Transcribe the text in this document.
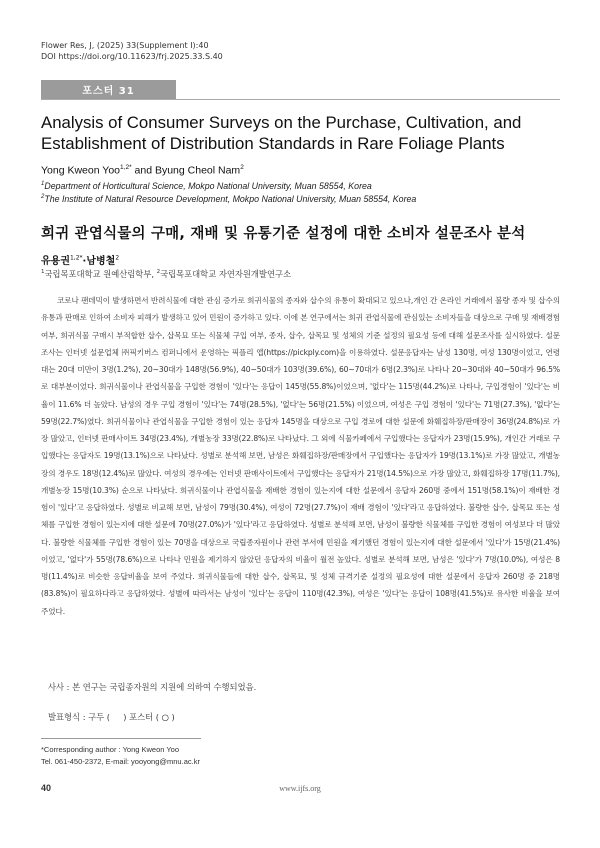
Flower Res, J, (2025) 33(Supplement I):40
DOI https://doi.org/10.11623/frj.2025.33.S.40
포스터 31
Analysis of Consumer Surveys on the Purchase, Cultivation, and Establishment of Distribution Standards in Rare Foliage Plants
Yong Kweon Yoo$^{1,2*}$ and Byung Cheol Nam$^2$
$^1$Department of Horticultural Science, Mokpo National University, Muan 58554, Korea
$^2$The Institute of Natural Resource Development, Mokpo National University, Muan 58554, Korea
희귀 관엽식물의 구매, 재배 및 유통기준 설정에 대한 소비자 설문조사 분석
유용권$^{1,2*}$·남병철$^2$
$^1$국립목포대학교 원예산림학부, $^2$국립목포대학교 자연자원개발연구소

코로나 팬데믹이 발생하면서 반려식물에 대한 관심 증가로 희귀식물의 종자와 삽수의 유통이 확대되고 있으나,개인 간 온라인 거래에서 불량 종자 및 삽수의 유통과 판매로 인하여 소비자 피해가 발생하고 있어 민원이 증가하고 있다. 이에 본 연구에서는 희귀 관엽식물에 관심있는 소비자들을 대상으로 구매 및 재배경험 여부, 희귀식물 구매시 부적합한 삽수, 삽목묘 또는 식물체 구입 여부, 종자, 삽수, 삽목묘 및 성체의 기준 설정의 필요성 등에 대해 설문조사를 실시하였다. 설문조사는 인터넷 설문업체 ㈜픽키버스 컴퍼니에서 운영하는 픽플리 앱(https://pickply.com)을 이용하였다. 설문응답자는 남성 130명, 여성 130명이었고, 연령대는 20대 미만이 3명(1.2%), 20~30대가 148명(56.9%), 40~50대가 103명(39.6%), 60~70대가 6명(2.3%)로 나타나 20~30대와 40~50대가 96.5%로 대부분이었다. 희귀식물이나 관엽식물을 구입한 경험이 '있다'는 응답이 145명(55.8%)이었으며, '없다'는 115명(44.2%)로 나타나, 구입경험이 '있다'는 비율이 11.6% 더 높았다. 남성의 경우 구입 경험이 '있다'는 74명(28.5%), '없다'는 56명(21.5%) 이었으며, 여성은 구입 경험이 '있다'는 71명(27.3%), '없다'는 59명(22.7%)였다. 희귀식물이나 관엽식물을 구입한 경험이 있는 응답자 145명을 대상으로 구입 경로에 대한 설문에 화훼집하장/판매장이 36명(24.8%)로 가장 많았고, 인터넷 판매사이트 34명(23.4%), 개별농장 33명(22.8%)로 나타났다. 그 외에 식물카페에서 구입했다는 응답자가 23명(15.9%), 개인간 거래로 구입했다는 응답자도 19명(13.1%)으로 나타났다. 성별로 분석해 보면, 남성은 화훼집하장/판매장에서 구입했다는 응답자가 19명(13.1%)로 가장 많았고, 개별농장의 경우도 18명(12.4%)로 많았다. 여성의 경우에는 인터넷 판매사이트에서 구입했다는 응답자가 21명(14.5%)으로 가장 많았고, 화훼집하장 17명(11.7%), 개별농장 15명(10.3%) 순으로 나타났다. 희귀식물이나 관엽식물을 재배한 경험이 있는지에 대한 설문에서 응답자 260명 중에서 151명(58.1%)이 재배한 경험이 '있다'고 응답하였다. 성별로 비교해 보면, 남성이 79명(30.4%), 여성이 72명(27.7%)이 재배 경험이 '있다'라고 응답하였다. 불량한 삽수, 삽목묘 또는 성체를 구입한 경험이 있는지에 대한 설문에 70명(27.0%)가 '있다'라고 응답하였다. 성별로 분석해 보면, 남성이 불량한 식물체를 구입한 경험이 여성보다 더 많았다. 불량한 식물체를 구입한 경험이 있는 70명을 대상으로 국립종자원이나 관련 부서에 민원을 제기했던 경험이 있는지에 대한 설문에서 '있다'가 15명(21.4%)이었고, '없다'가 55명(78.6%)으로 나타나 민원을 제기하지 않았던 응답자의 비율이 월전 높았다. 성별로 분석해 보면, 남성은 '있다'가 7명(10.0%), 여성은 8명(11.4%)로 비슷한 응답비율을 보여 주었다. 희귀식물들에 대한 삽수, 삽목묘, 및 성체 규격기준 설정의 필요성에 대한 설문에서 응답자 260명 중 218명(83.8%)이 필요하다라고 응답하였다. 성별에 따라서는 남성이 '있다'는 응답이 110명(42.3%), 여성은 '있다'는 응답이 108명(41.5%)로 유사한 비율을 보여 주었다.

사사 : 본 연구는 국립종자원의 지원에 의하여 수행되었음.
발표형식 : 구두 (     ) 포스터 ( ○ )
*Corresponding author : Yong Kweon Yoo
Tel. 061-450-2372, E-mail: yooyong@mnu.ac.kr
40	www.ijfs.org
